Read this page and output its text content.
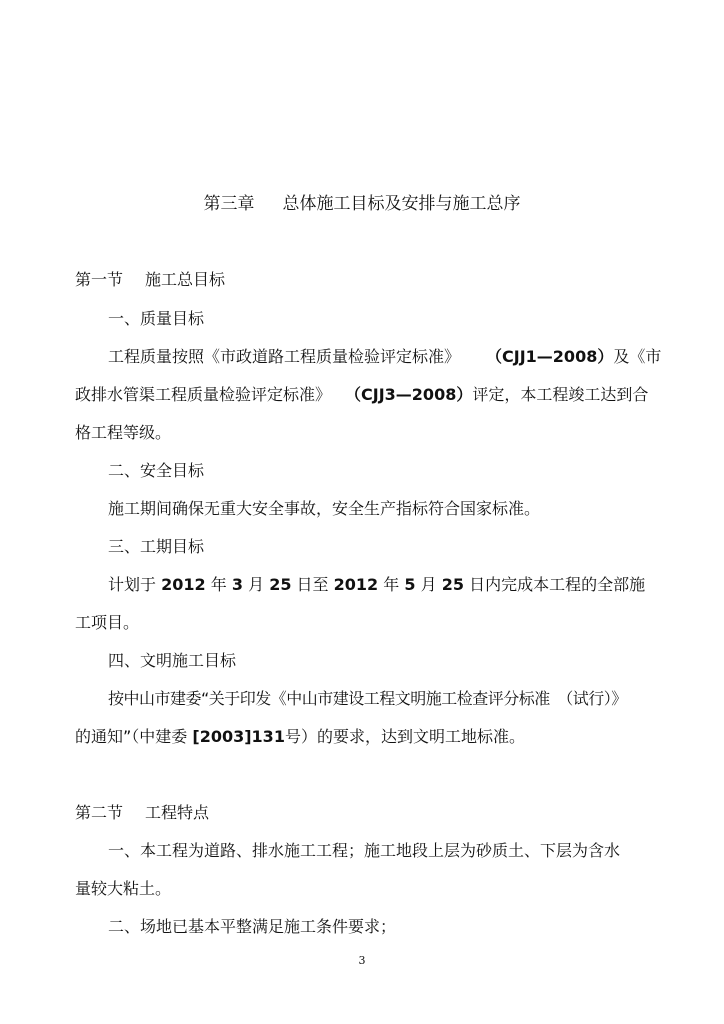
第三章 总体施工目标及安排与施工总序
第一节 施工总目标
一、质量目标
工程质量按照《市政道路工程质量检验评定标准》 （CJJ1—2008）及《市
政排水管渠工程质量检验评定标准》 （CJJ3—2008）评定，本工程竣工达到合
格工程等级。
二、安全目标
施工期间确保无重大安全事故，安全生产指标符合国家标准。
三、工期目标
计划于 2012 年 3 月 25 日至 2012 年 5 月 25 日内完成本工程的全部施
工项目。
四、文明施工目标
按中山市建委“关于印发《中山市建设工程文明施工检查评分标准　（试行）》
的通知”（中建委 [2003]131号）的要求，达到文明工地标准。
第二节 工程特点
一、本工程为道路、排水施工工程；施工地段上层为砂质土、下层为含水
量较大粘土。
二、场地已基本平整满足施工条件要求；
3
